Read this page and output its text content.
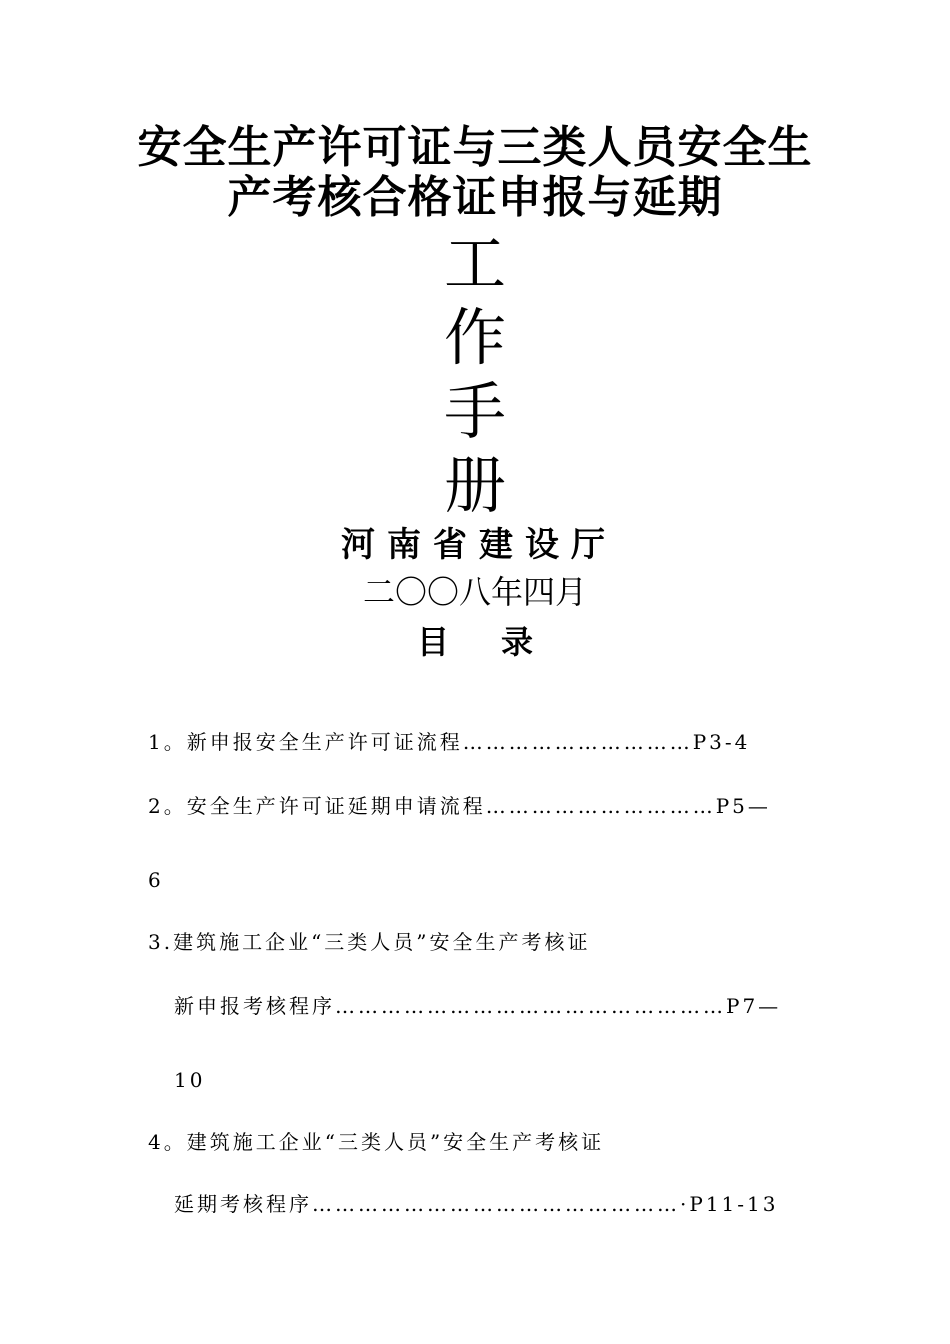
安全生产许可证与三类人员安全生
产考核合格证申报与延期
工
作
手
册
河南省建设厅
二〇〇八年四月
目录
1。新申报安全生产许可证流程…………………………P3-4
2。安全生产许可证延期申请流程…………………………P5—
6
3.建筑施工企业“三类人员”安全生产考核证
新申报考核程序……………………………………………P7—
10
4。建筑施工企业“三类人员”安全生产考核证
延期考核程序…………………………………………·P11-13
